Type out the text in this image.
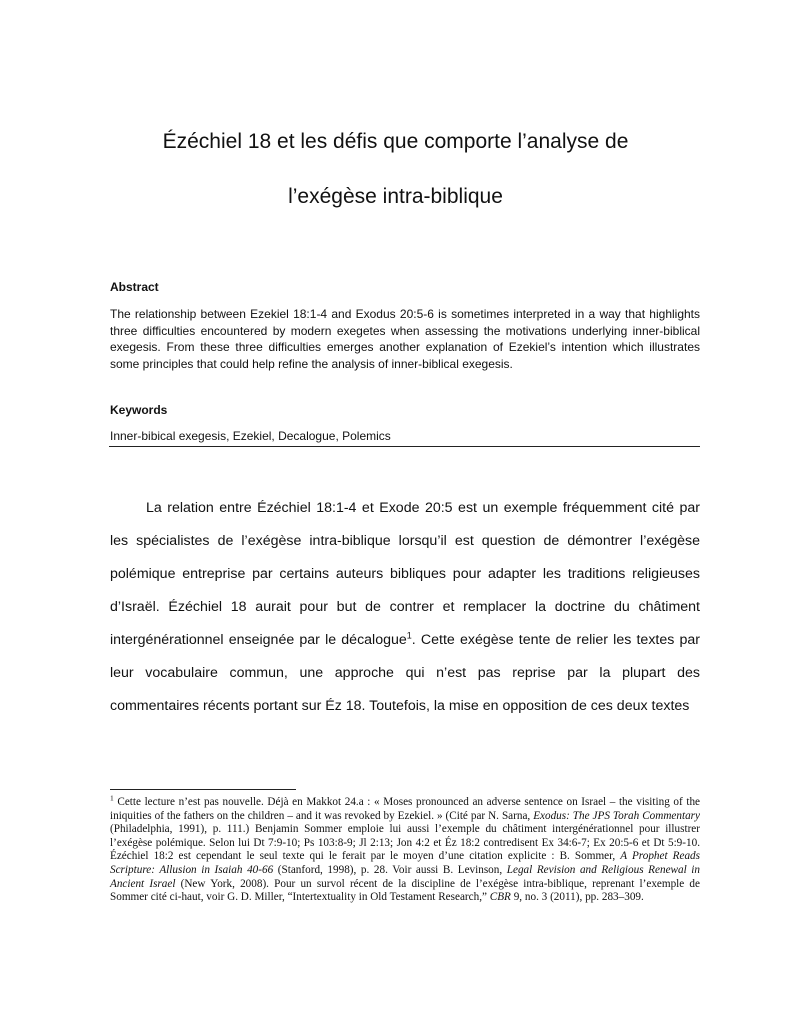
Ézéchiel 18 et les défis que comporte l’analyse de
l’exégèse intra-biblique

Abstract

The relationship between Ezekiel 18:1-4 and Exodus 20:5-6 is sometimes interpreted in a way that highlights three difficulties encountered by modern exegetes when assessing the motivations underlying inner-biblical exegesis. From these three difficulties emerges another explanation of Ezekiel’s intention which illustrates some principles that could help refine the analysis of inner-biblical exegesis.

Keywords

Inner-bibical exegesis, Ezekiel, Decalogue, Polemics

La relation entre Ézéchiel 18:1-4 et Exode 20:5 est un exemple fréquemment cité par les spécialistes de l’exégèse intra-biblique lorsqu’il est question de démontrer l’exégèse polémique entreprise par certains auteurs bibliques pour adapter les traditions religieuses d’Israël. Ézéchiel 18 aurait pour but de contrer et remplacer la doctrine du châtiment intergénérationnel enseignée par le décalogue$^1$. Cette exégèse tente de relier les textes par leur vocabulaire commun, une approche qui n’est pas reprise par la plupart des commentaires récents portant sur Éz 18. Toutefois, la mise en opposition de ces deux textes

$^1$ Cette lecture n’est pas nouvelle. Déjà en Makkot 24.a : « Moses pronounced an adverse sentence on Israel – the visiting of the iniquities of the fathers on the children – and it was revoked by Ezekiel. » (Cité par N. Sarna, Exodus: The JPS Torah Commentary (Philadelphia, 1991), p. 111.) Benjamin Sommer emploie lui aussi l’exemple du châtiment intergénérationnel pour illustrer l’exégèse polémique. Selon lui Dt 7:9-10; Ps 103:8-9; Jl 2:13; Jon 4:2 et Éz 18:2 contredisent Ex 34:6-7; Ex 20:5-6 et Dt 5:9-10. Ézéchiel 18:2 est cependant le seul texte qui le ferait par le moyen d’une citation explicite : B. Sommer, A Prophet Reads Scripture: Allusion in Isaiah 40-66 (Stanford, 1998), p. 28. Voir aussi B. Levinson, Legal Revision and Religious Renewal in Ancient Israel (New York, 2008). Pour un survol récent de la discipline de l’exégèse intra-biblique, reprenant l’exemple de Sommer cité ci-haut, voir G. D. Miller, “Intertextuality in Old Testament Research,” CBR 9, no. 3 (2011), pp. 283–309.
